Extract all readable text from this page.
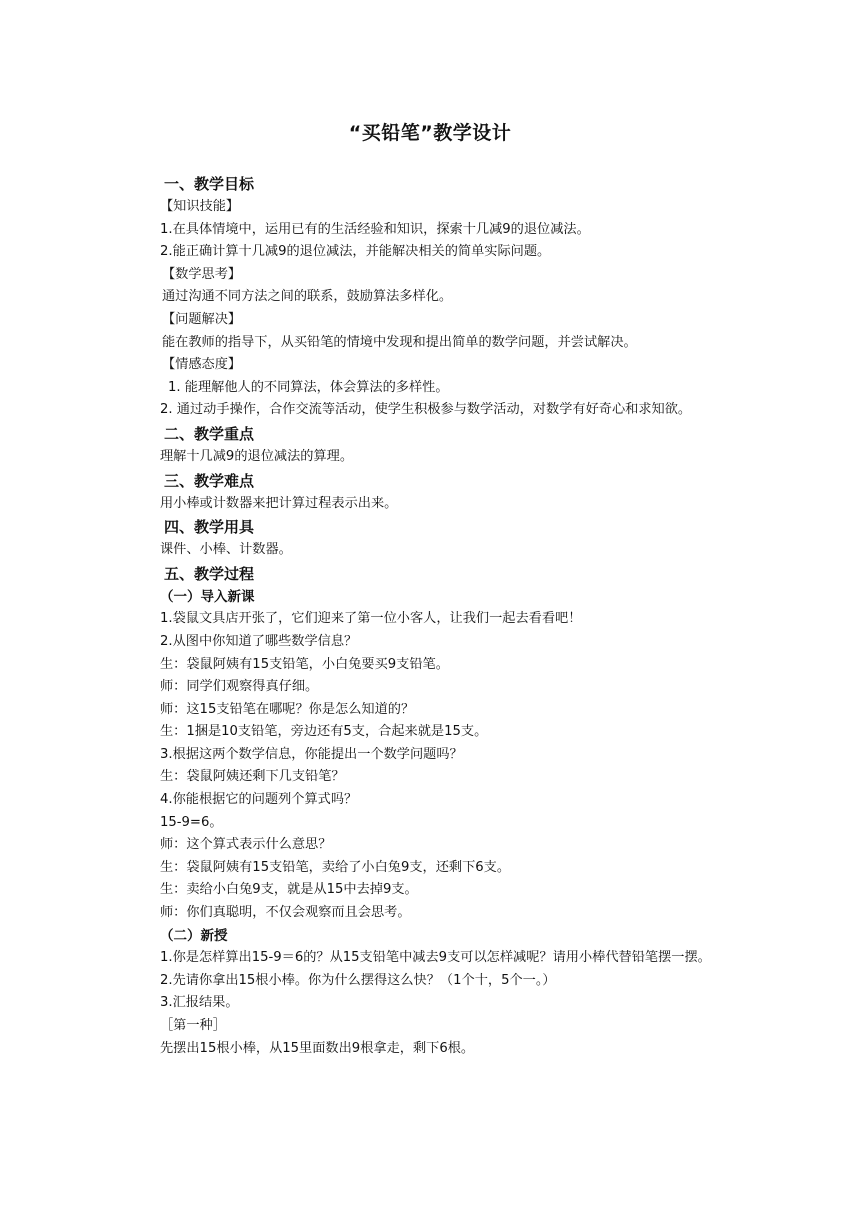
“买铅笔”教学设计
一、教学目标
【知识技能】
1.在具体情境中，运用已有的生活经验和知识，探索十几减9的退位减法。
2.能正确计算十几减9的退位减法，并能解决相关的简单实际问题。
【数学思考】
通过沟通不同方法之间的联系，鼓励算法多样化。
【问题解决】
能在教师的指导下，从买铅笔的情境中发现和提出简单的数学问题，并尝试解决。
【情感态度】
1. 能理解他人的不同算法，体会算法的多样性。
2. 通过动手操作，合作交流等活动，使学生积极参与数学活动，对数学有好奇心和求知欲。
二、教学重点
理解十几减9的退位减法的算理。
三、教学难点
用小棒或计数器来把计算过程表示出来。
四、教学用具
课件、小棒、计数器。
五、教学过程
（一）导入新课
1.袋鼠文具店开张了，它们迎来了第一位小客人，让我们一起去看看吧！
2.从图中你知道了哪些数学信息？
生：袋鼠阿姨有15支铅笔，小白兔要买9支铅笔。
师：同学们观察得真仔细。
师：这15支铅笔在哪呢？你是怎么知道的？
生：1捆是10支铅笔，旁边还有5支，合起来就是15支。
3.根据这两个数学信息，你能提出一个数学问题吗？
生：袋鼠阿姨还剩下几支铅笔？
4.你能根据它的问题列个算式吗？
15-9=6。
师：这个算式表示什么意思？
生：袋鼠阿姨有15支铅笔，卖给了小白兔9支，还剩下6支。
生：卖给小白兔9支，就是从15中去掉9支。
师：你们真聪明，不仅会观察而且会思考。
（二）新授
1.你是怎样算出15-9＝6的？从15支铅笔中减去9支可以怎样减呢？请用小棒代替铅笔摆一摆。
2.先请你拿出15根小棒。你为什么摆得这么快？（1个十，5个一。）
3.汇报结果。
［第一种］
先摆出15根小棒，从15里面数出9根拿走，剩下6根。
